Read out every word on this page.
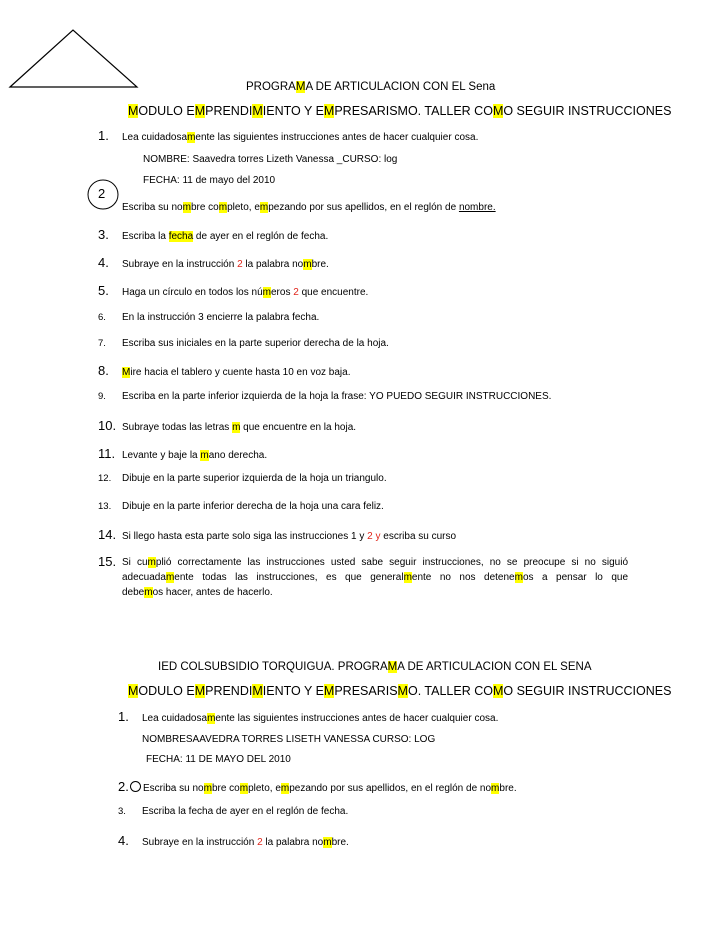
PROGRAMA DE ARTICULACION CON EL Sena
MODULO EMPRENDIMIENTO Y EMPRESARISMO. TALLER COMO SEGUIR INSTRUCCIONES
1.	Lea cuidadosamente las siguientes instrucciones antes de hacer cualquier cosa.
NOMBRE: Saavedra torres Lizeth Vanessa _CURSO: log
FECHA: 11 de mayo del 2010
2
Escriba su nombre completo, empezando por sus apellidos, en el reglón de nombre.
3.	Escriba la fecha de ayer en el reglón de fecha.
4.	Subraye en la instrucción 2 la palabra nombre.
5.	Haga un círculo en todos los números 2 que encuentre.
6.	En la instrucción 3 encierre la palabra fecha.
7.	Escriba sus iniciales en la parte superior derecha de la hoja.
8.	Mire hacia el tablero y cuente hasta 10 en voz baja.
9.	Escriba en la parte inferior izquierda de la hoja la frase: YO PUEDO SEGUIR INSTRUCCIONES.
10. Subraye todas las letras m que encuentre en la hoja.
11. Levante y baje la mano derecha.
12.	Dibuje en la parte superior izquierda de la hoja un triangulo.
13.	Dibuje en la parte inferior derecha de la hoja una cara feliz.
14. Si llego hasta esta parte solo siga las instrucciones 1 y 2 y escriba su curso
15. Si cumplió correctamente las instrucciones usted sabe seguir instrucciones, no se preocupe si no siguió
adecuadamente todas las instrucciones, es que generalmente no nos detenemos a pensar lo que
debemos hacer, antes de hacerlo.
IED COLSUBSIDIO TORQUIGUA. PROGRAMA DE ARTICULACION CON EL SENA
MODULO EMPRENDIMIENTO Y EMPRESARISMO. TALLER COMO SEGUIR INSTRUCCIONES
1.	Lea cuidadosamente las siguientes instrucciones antes de hacer cualquier cosa.
NOMBRESAAVEDRA TORRES LISETH VANESSA CURSO: LOG
FECHA: 11 DE MAYO DEL 2010
2. Escriba su nombre completo, empezando por sus apellidos, en el reglón de nombre.
3.	Escriba la fecha de ayer en el reglón de fecha.
4.	Subraye en la instrucción 2 la palabra nombre.
